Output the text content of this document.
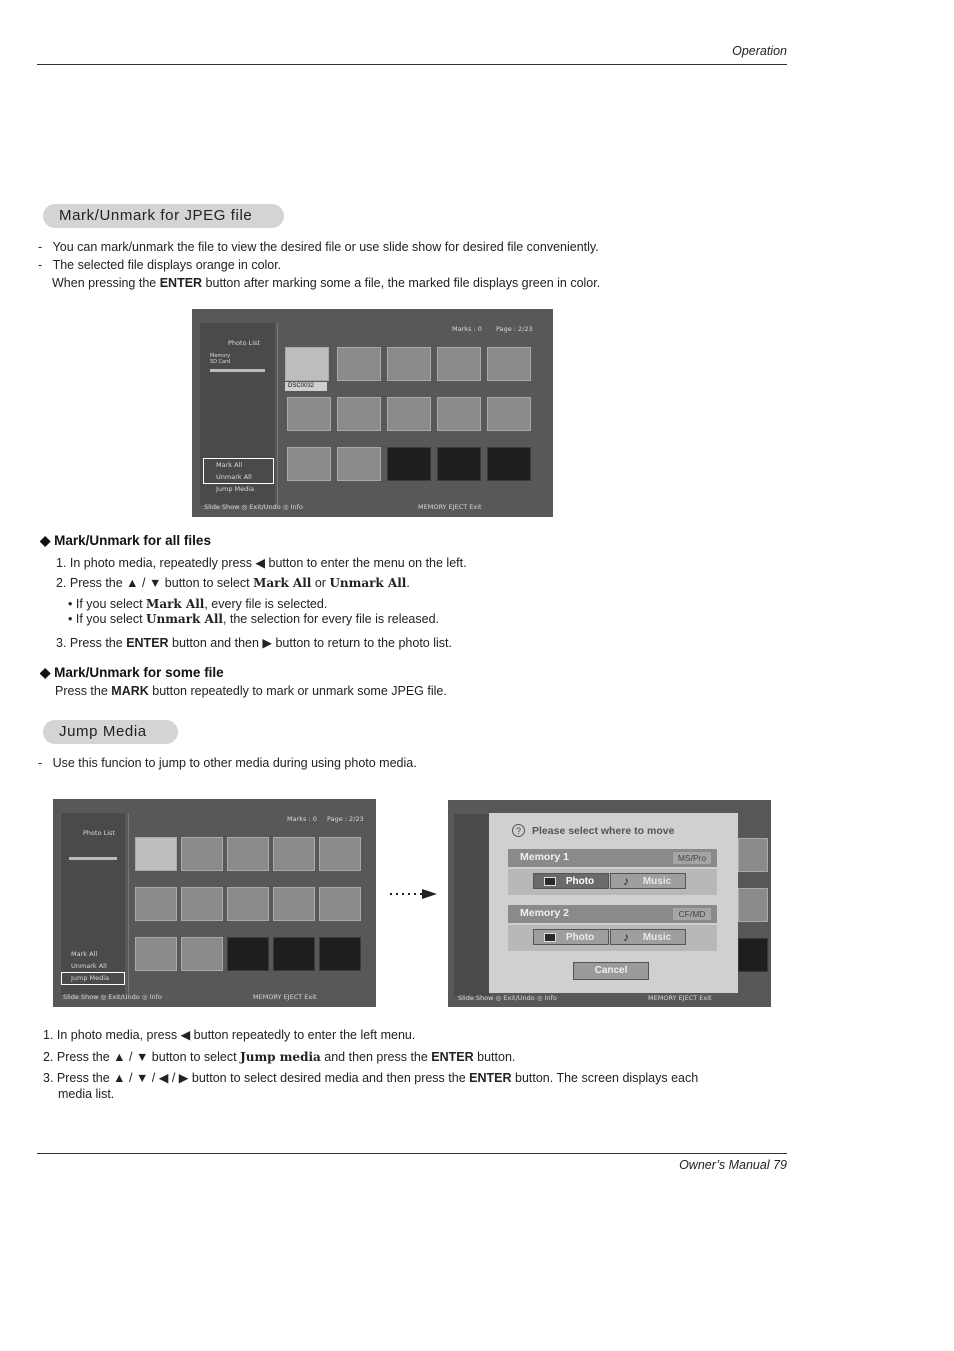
Operation
Mark/Unmark for JPEG file
-   You can mark/unmark the file to view the desired file or use slide show for desired file conveniently.
-   The selected file displays orange in color.
When pressing the ENTER button after marking some a file, the marked file displays green in color.
Photo List
Memory
SD Card
Marks : 0 Page : 2/23
Mark All
Unmark All
Jump Media
DSC0032
Slide Show ◎ Exit/Undo ◎ Info	MEMORY EJECT Exit
◆ Mark/Unmark for all files
1. In photo media, repeatedly press ◀ button to enter the menu on the left.
2. Press the ▲ / ▼ button to select Mark All or Unmark All.
• If you select Mark All, every file is selected.
• If you select Unmark All, the selection for every file is released.
3. Press the ENTER button and then ▶ button to return to the photo list.
◆ Mark/Unmark for some file
Press the MARK button repeatedly to mark or unmark some JPEG file.
Jump Media
-   Use this funcion to jump to other media during using photo media.
Photo List
Marks : 0 Page : 2/23
Mark All
Unmark All
Jump Media
Slide Show ◎ Exit/Undo ◎ Info	MEMORY EJECT Exit
?	Please select where to move
Memory 1	MS/Pro
Photo	♪	Music
Memory 2	CF/MD
Photo	♪	Music
Cancel
Slide Show ◎ Exit/Undo ◎ Info	MEMORY EJECT Exit
1. In photo media, press ◀ button repeatedly to enter the left menu.
2. Press the ▲ / ▼ button to select Jump media and then press the ENTER button.
3. Press the ▲ / ▼ / ◀ / ▶ button to select desired media and then press the ENTER button. The screen displays each
media list.
Owner’s Manual 79
